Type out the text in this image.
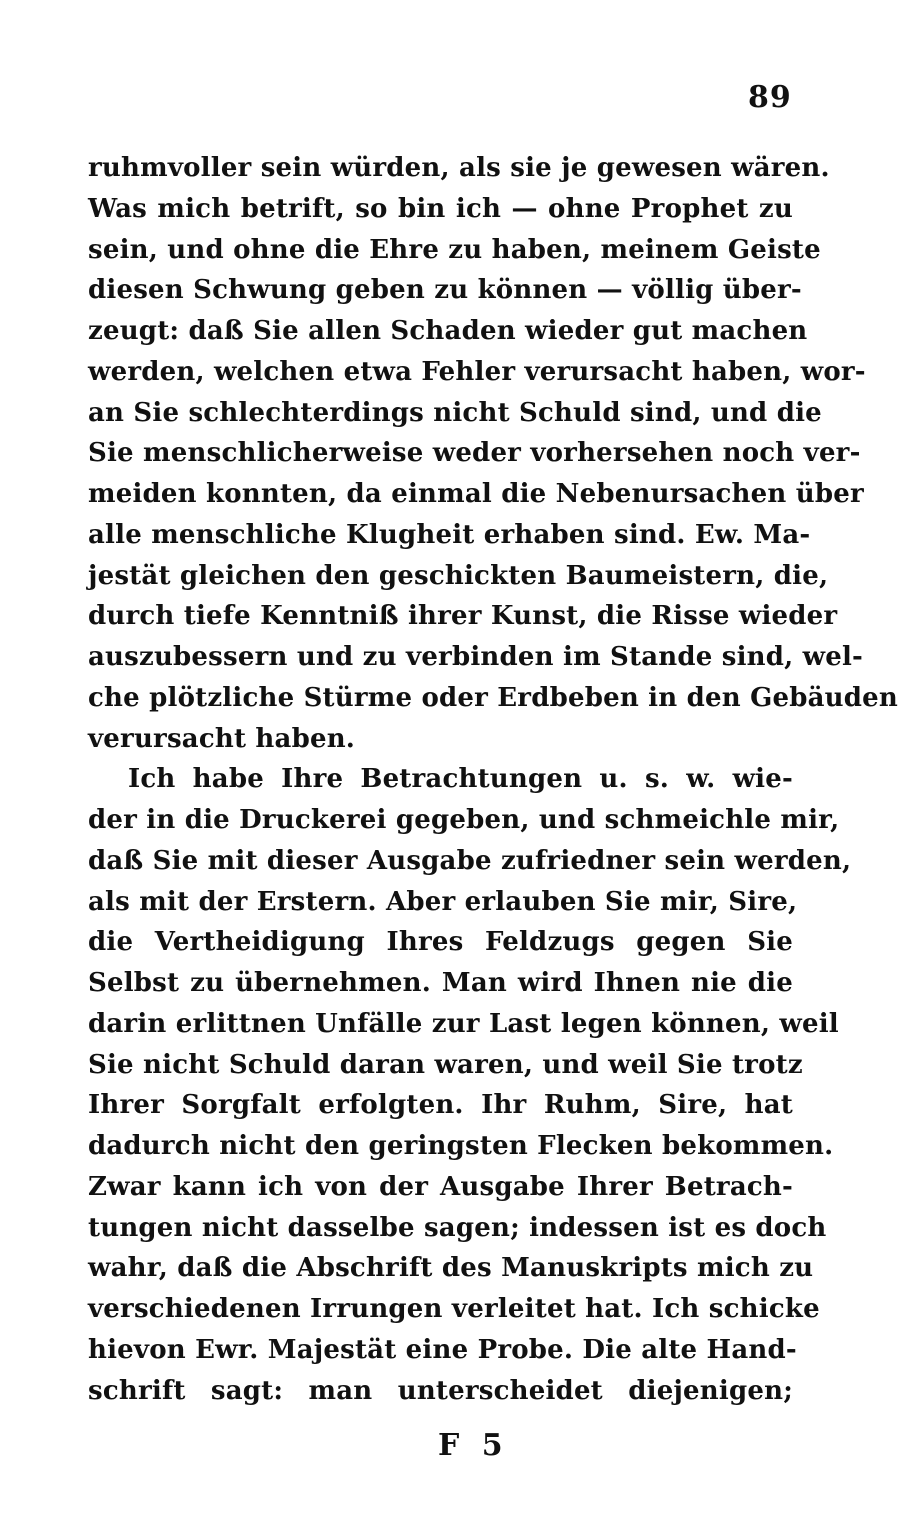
89
ruhmvoller sein würden, als sie je gewesen wären.
Was mich betrift, so bin ich — ohne Prophet zu
sein, und ohne die Ehre zu haben, meinem Geiste
diesen Schwung geben zu können — völlig über-
zeugt: daß Sie allen Schaden wieder gut machen
werden, welchen etwa Fehler verursacht haben, wor-
an Sie schlechterdings nicht Schuld sind, und die
Sie menschlicherweise weder vorhersehen noch ver-
meiden konnten, da einmal die Nebenursachen über
alle menschliche Klugheit erhaben sind. Ew. Ma-
jestät gleichen den geschickten Baumeistern, die,
durch tiefe Kenntniß ihrer Kunst, die Risse wieder
auszubessern und zu verbinden im Stande sind, wel-
che plötzliche Stürme oder Erdbeben in den Gebäuden
verursacht haben.
Ich habe Ihre Betrachtungen u. s. w. wie-
der in die Druckerei gegeben, und schmeichle mir,
daß Sie mit dieser Ausgabe zufriedner sein werden,
als mit der Erstern. Aber erlauben Sie mir, Sire,
die Vertheidigung Ihres Feldzugs gegen Sie
Selbst zu übernehmen. Man wird Ihnen nie die
darin erlittnen Unfälle zur Last legen können, weil
Sie nicht Schuld daran waren, und weil Sie trotz
Ihrer Sorgfalt erfolgten. Ihr Ruhm, Sire, hat
dadurch nicht den geringsten Flecken bekommen.
Zwar kann ich von der Ausgabe Ihrer Betrach-
tungen nicht dasselbe sagen; indessen ist es doch
wahr, daß die Abschrift des Manuskripts mich zu
verschiedenen Irrungen verleitet hat. Ich schicke
hievon Ewr. Majestät eine Probe. Die alte Hand-
schrift sagt: man unterscheidet diejenigen;
F 5
